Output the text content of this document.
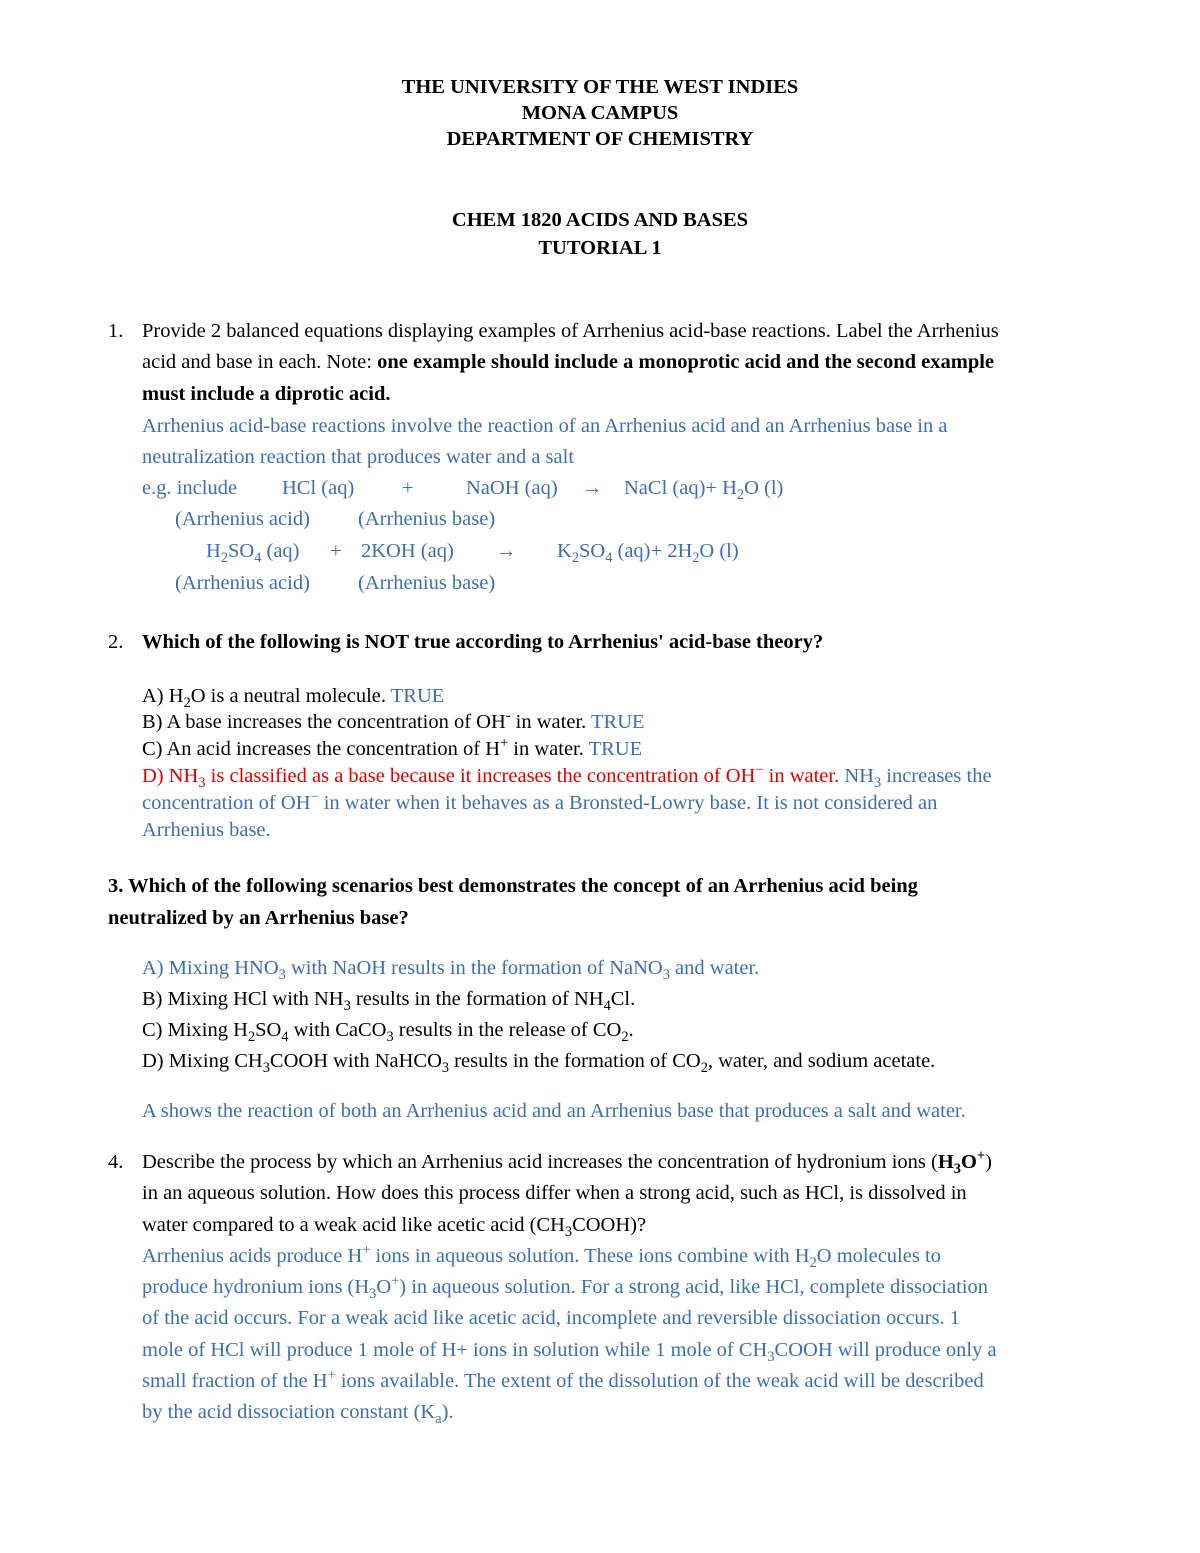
THE UNIVERSITY OF THE WEST INDIES
MONA CAMPUS
DEPARTMENT OF CHEMISTRY
CHEM 1820 ACIDS AND BASES
TUTORIAL 1
1. Provide 2 balanced equations displaying examples of Arrhenius acid-base reactions. Label the Arrhenius
acid and base in each. Note: one example should include a monoprotic acid and the second example
must include a diprotic acid.
Arrhenius acid-base reactions involve the reaction of an Arrhenius acid and an Arrhenius base in a
neutralization reaction that produces water and a salt
e.g. include HCl (aq) +	NaOH (aq) → NaCl $(aq)+ H_2O$ (l)
(Arrhenius acid) (Arrhenius base)
$H_2SO_4$ (aq) + 2KOH $(aq) \to K_2SO_4$ $(aq)+ 2H_2O$ (l)
(Arrhenius acid) (Arrhenius base)
2. Which of the following is NOT true according to Arrhenius' acid-base theory?
A) $H_2O$ is a neutral molecule. TRUE
B) A base increases the concentration of OH- in water. TRUE
C) An acid increases the concentration of H+ in water. TRUE
D) $NH_3$ is classified as a base because it increases the concentration of OH− in water. $NH_3$ increases the
concentration of OH− in water when it behaves as a Bronsted-Lowry base. It is not considered an
Arrhenius base.
3. Which of the following scenarios best demonstrates the concept of an Arrhenius acid being
neutralized by an Arrhenius base?
A) Mixing $HNO_3$ with NaOH results in the formation of NaNO$_3$ and water.
B) Mixing HCl with $NH_3$ results in the formation of $NH_4Cl$.
C) Mixing $H_2SO_4$ with CaCO$_3$ results in the release of $CO_2$.
D) Mixing $CH_3COOH$ with NaHCO$_3$ results in the formation of $CO_2$, water, and sodium acetate.
A shows the reaction of both an Arrhenius acid and an Arrhenius base that produces a salt and water.
4. Describe the process by which an Arrhenius acid increases the concentration of hydronium ions $(H_3O^+)$
in an aqueous solution. How does this process differ when a strong acid, such as HCl, is dissolved in
water compared to a weak acid like acetic acid $(CH_3COOH)$?
Arrhenius acids produce H+ ions in aqueous solution. These ions combine with $H_2O$ molecules to
produce hydronium ions $(H_3O^+)$ in aqueous solution. For a strong acid, like HCl, complete dissociation
of the acid occurs. For a weak acid like acetic acid, incomplete and reversible dissociation occurs. 1
mole of HCl will produce 1 mole of H+ ions in solution while 1 mole of $CH_3COOH$ will produce only a
small fraction of the H+ ions available. The extent of the dissolution of the weak acid will be described
by the acid dissociation constant $(K_a)$.
